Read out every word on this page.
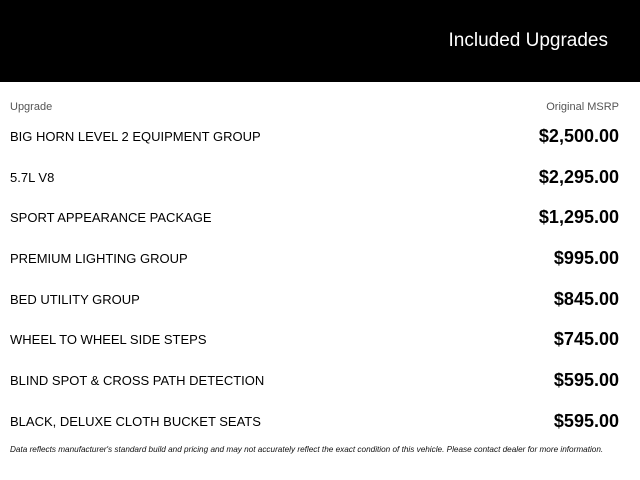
Included Upgrades
Upgrade	Original MSRP
BIG HORN LEVEL 2 EQUIPMENT GROUP	$2,500.00
5.7L V8	$2,295.00
SPORT APPEARANCE PACKAGE	$1,295.00
PREMIUM LIGHTING GROUP	$995.00
BED UTILITY GROUP	$845.00
WHEEL TO WHEEL SIDE STEPS	$745.00
BLIND SPOT & CROSS PATH DETECTION	$595.00
BLACK, DELUXE CLOTH BUCKET SEATS	$595.00
Data reflects manufacturer's standard build and pricing and may not accurately reflect the exact condition of this vehicle. Please contact dealer for more information.
